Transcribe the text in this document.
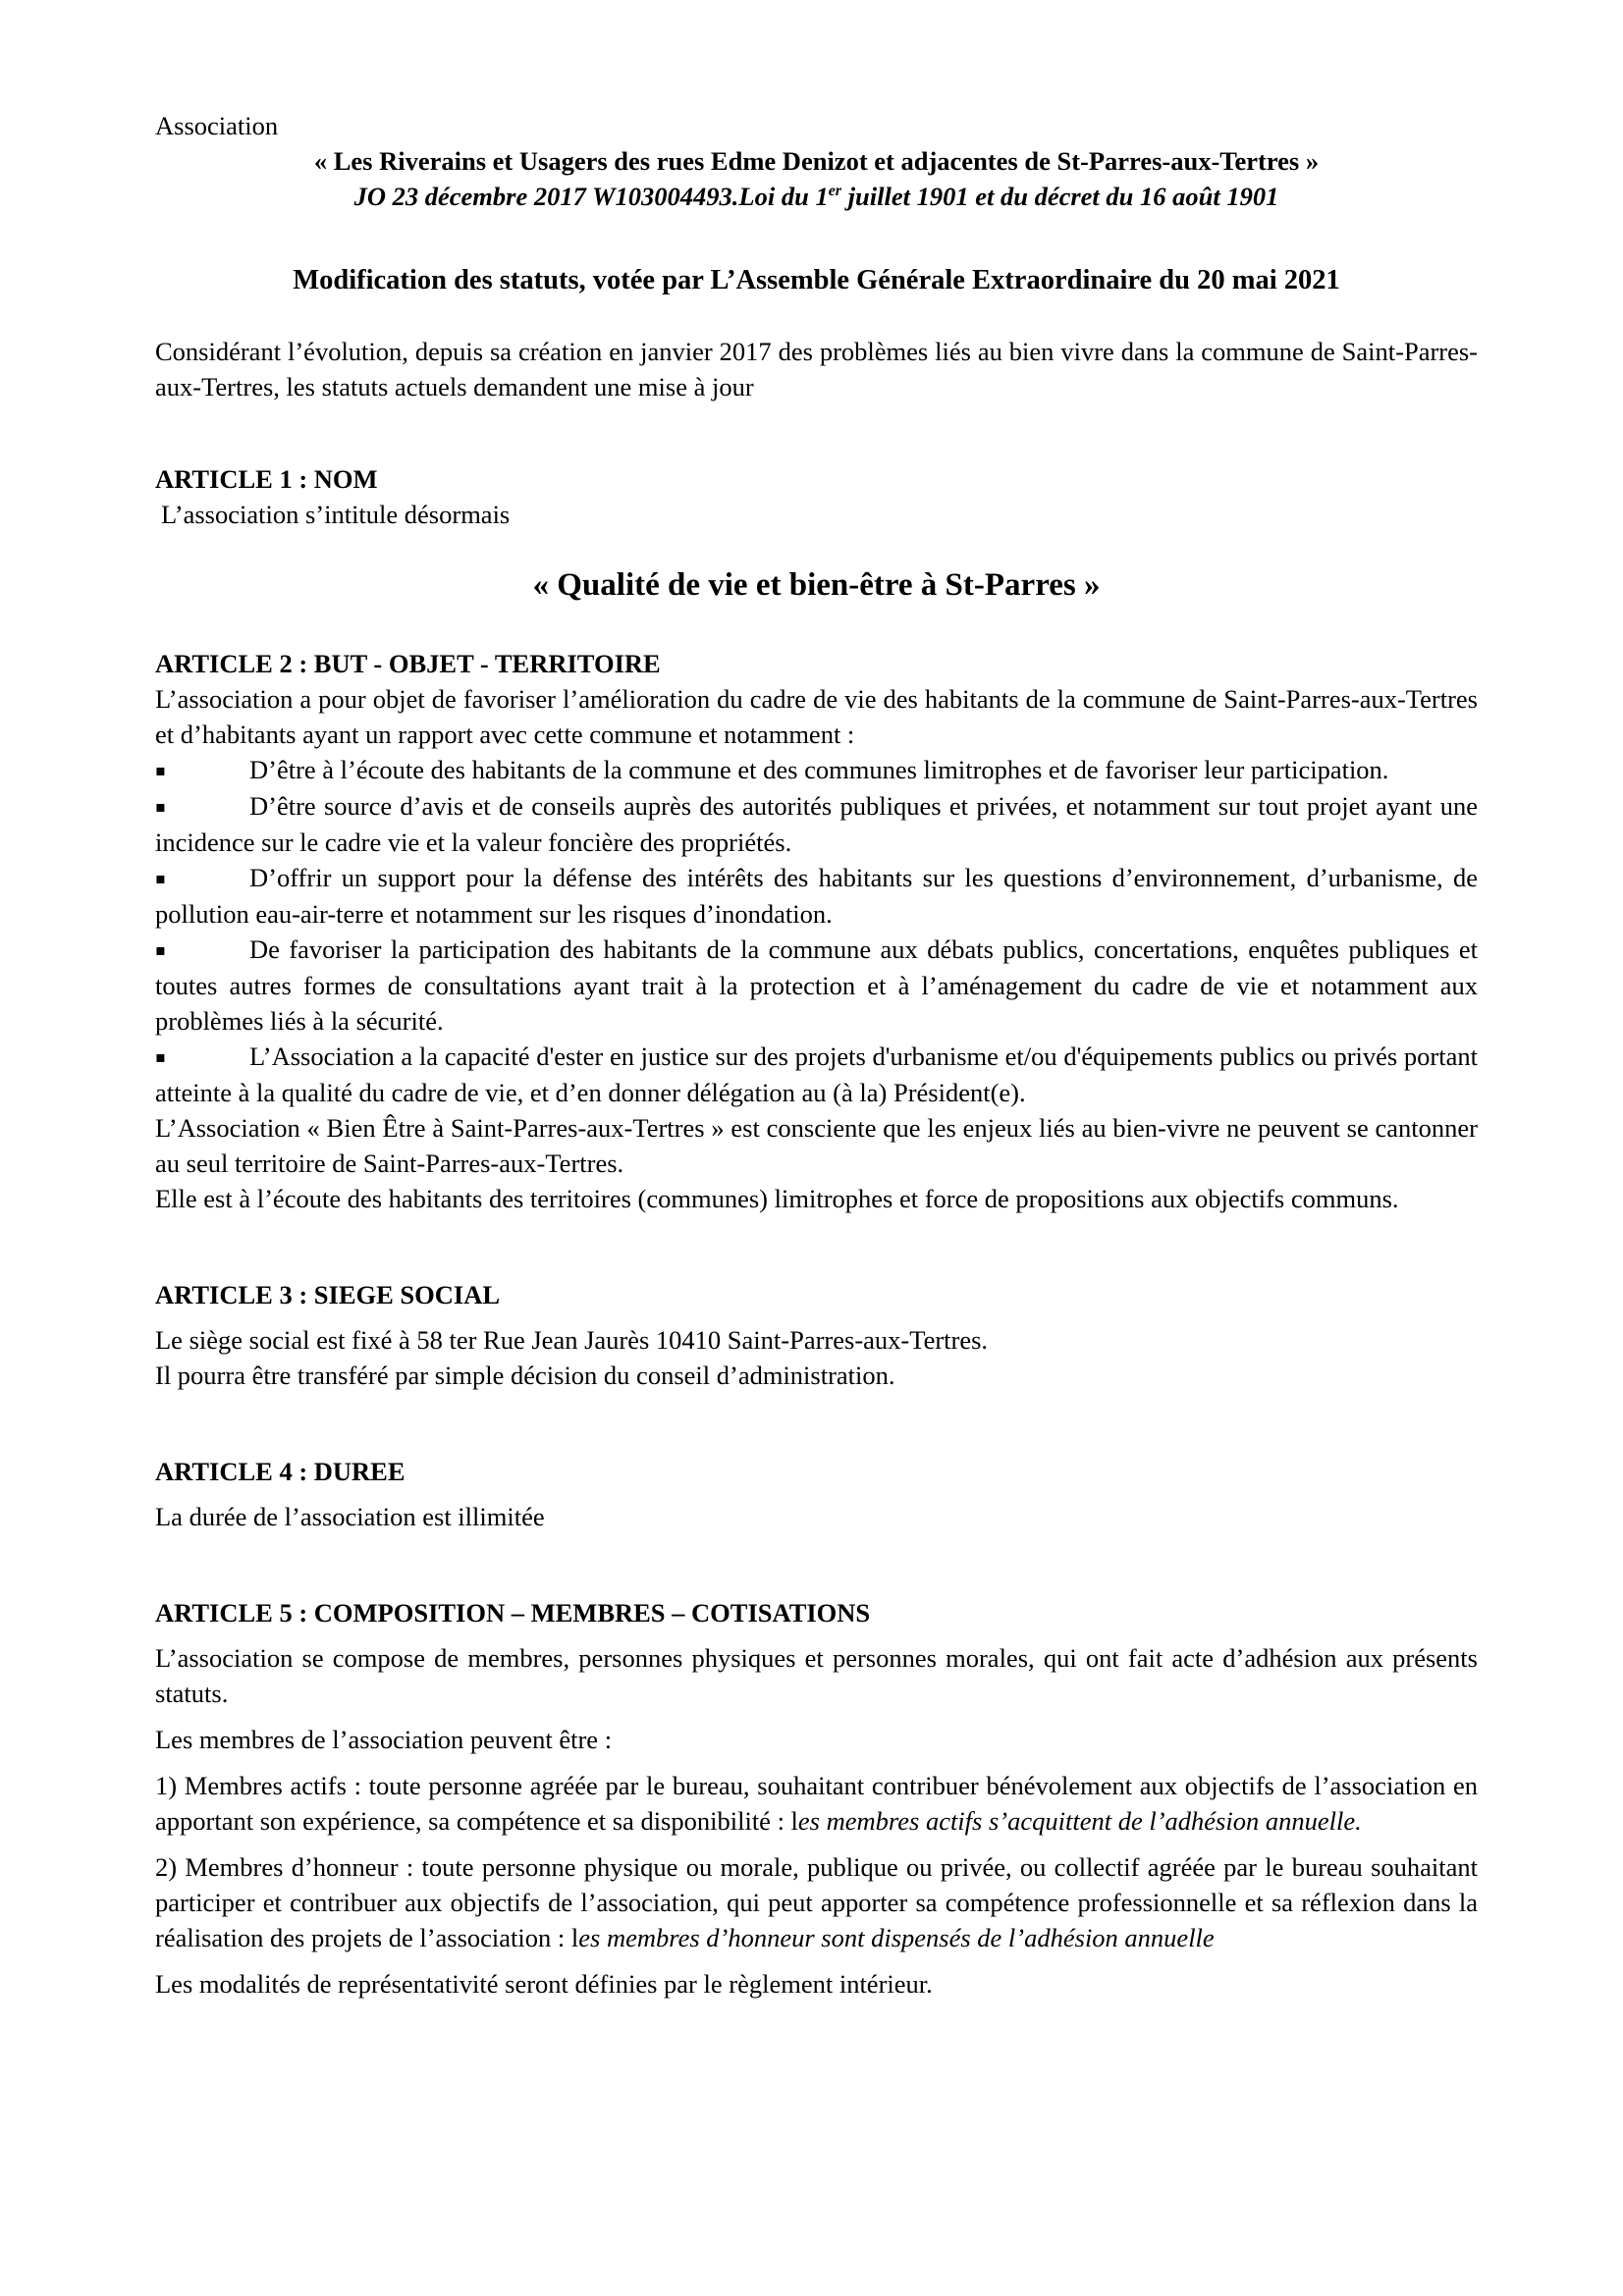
Association

« Les Riverains et Usagers des rues Edme Denizot et adjacentes de St-Parres-aux-Tertres »

JO 23 décembre 2017 W103004493.Loi du 1er juillet 1901 et du décret du 16 août 1901

Modification des statuts, votée par L’Assemble Générale Extraordinaire du 20 mai 2021

Considérant l’évolution, depuis sa création en janvier 2017 des problèmes liés au bien vivre dans la commune de Saint-Parres-aux-Tertres, les statuts actuels demandent une mise à jour

ARTICLE 1 : NOM

L’association s’intitule désormais

« Qualité de vie et bien-être à St-Parres »

ARTICLE 2 : BUT - OBJET - TERRITOIRE

L’association a pour objet de favoriser l’amélioration du cadre de vie des habitants de la commune de Saint-Parres-aux-Tertres et d’habitants ayant un rapport avec cette commune et notamment :

▪	D’être à l’écoute des habitants de la commune et des communes limitrophes et de favoriser leur participation.

▪	D’être source d’avis et de conseils auprès des autorités publiques et privées, et notamment sur tout projet ayant une incidence sur le cadre vie et la valeur foncière des propriétés.

▪	D’offrir un support pour la défense des intérêts des habitants sur les questions d’environnement, d’urbanisme, de pollution eau-air-terre et notamment sur les risques d’inondation.

▪	De favoriser la participation des habitants de la commune aux débats publics, concertations, enquêtes publiques et toutes autres formes de consultations ayant trait à la protection et à l’aménagement du cadre de vie et notamment aux problèmes liés à la sécurité.

▪	L’Association a la capacité d'ester en justice sur des projets d'urbanisme et/ou d'équipements publics ou privés portant atteinte à la qualité du cadre de vie, et d’en donner délégation au (à la) Président(e).

L’Association « Bien Être à Saint-Parres-aux-Tertres » est consciente que les enjeux liés au bien-vivre ne peuvent se cantonner au seul territoire de Saint-Parres-aux-Tertres.

Elle est à l’écoute des habitants des territoires (communes) limitrophes et force de propositions aux objectifs communs.

ARTICLE 3 : SIEGE SOCIAL

Le siège social est fixé à 58 ter Rue Jean Jaurès 10410 Saint-Parres-aux-Tertres.

Il pourra être transféré par simple décision du conseil d’administration.

ARTICLE 4 : DUREE

La durée de l’association est illimitée

ARTICLE 5 : COMPOSITION – MEMBRES – COTISATIONS

L’association se compose de membres, personnes physiques et personnes morales, qui ont fait acte d’adhésion aux présents statuts.

Les membres de l’association peuvent être :

1) Membres actifs : toute personne agréée par le bureau, souhaitant contribuer bénévolement aux objectifs de l’association en apportant son expérience, sa compétence et sa disponibilité : les membres actifs s’acquittent de l’adhésion annuelle.

2) Membres d’honneur : toute personne physique ou morale, publique ou privée, ou collectif agréée par le bureau souhaitant participer et contribuer aux objectifs de l’association, qui peut apporter sa compétence professionnelle et sa réflexion dans la réalisation des projets de l’association : les membres d’honneur sont dispensés de l’adhésion annuelle

Les modalités de représentativité seront définies par le règlement intérieur.
